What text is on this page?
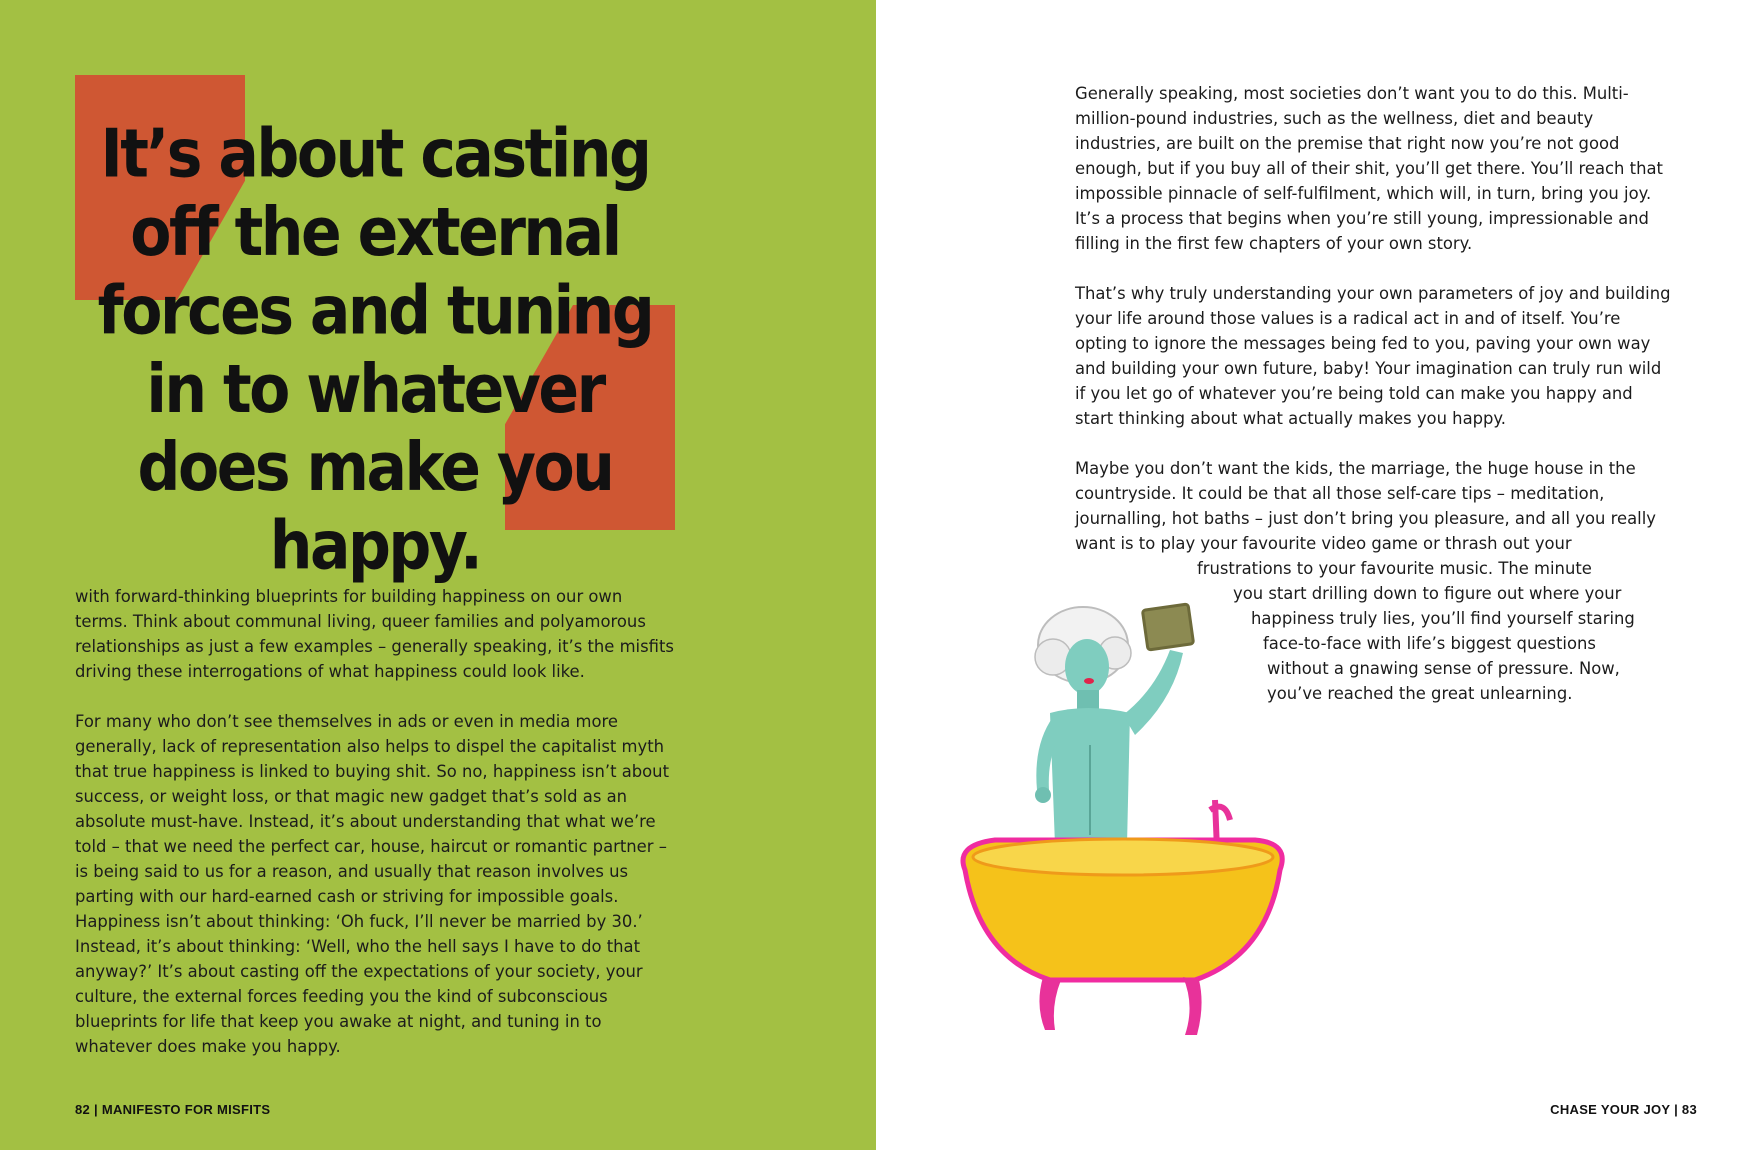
It’s about casting off the external forces and tuning in to whatever does make you happy.

with forward-thinking blueprints for building happiness on our own terms. Think about communal living, queer families and polyamorous relationships as just a few examples – generally speaking, it’s the misfits driving these interrogations of what happiness could look like.

For many who don’t see themselves in ads or even in media more generally, lack of representation also helps to dispel the capitalist myth that true happiness is linked to buying shit. So no, happiness isn’t about success, or weight loss, or that magic new gadget that’s sold as an absolute must-have. Instead, it’s about understanding that what we’re told – that we need the perfect car, house, haircut or romantic partner – is being said to us for a reason, and usually that reason involves us parting with our hard-earned cash or striving for impossible goals. Happiness isn’t about thinking: ‘Oh fuck, I’ll never be married by 30.’ Instead, it’s about thinking: ‘Well, who the hell says I have to do that anyway?’ It’s about casting off the expectations of your society, your culture, the external forces feeding you the kind of subconscious blueprints for life that keep you awake at night, and tuning in to whatever does make you happy.

82 | MANIFESTO FOR MISFITS

Generally speaking, most societies don’t want you to do this. Multi-million-pound industries, such as the wellness, diet and beauty industries, are built on the premise that right now you’re not good enough, but if you buy all of their shit, you’ll get there. You’ll reach that impossible pinnacle of self-fulfilment, which will, in turn, bring you joy. It’s a process that begins when you’re still young, impressionable and filling in the first few chapters of your own story.

That’s why truly understanding your own parameters of joy and building your life around those values is a radical act in and of itself. You’re opting to ignore the messages being fed to you, paving your own way and building your own future, baby! Your imagination can truly run wild if you let go of whatever you’re being told can make you happy and start thinking about what actually makes you happy.

Maybe you don’t want the kids, the marriage, the huge house in the countryside. It could be that all those self-care tips – meditation, journalling, hot baths – just don’t bring you pleasure, and all you really want is to play your favourite video game or thrash out your

frustrations to your favourite music. The minute
you start drilling down to figure out where your
happiness truly lies, you’ll find yourself staring
face-to-face with life’s biggest questions
without a gnawing sense of pressure. Now,
you’ve reached the great unlearning.
CHASE YOUR JOY | 83
